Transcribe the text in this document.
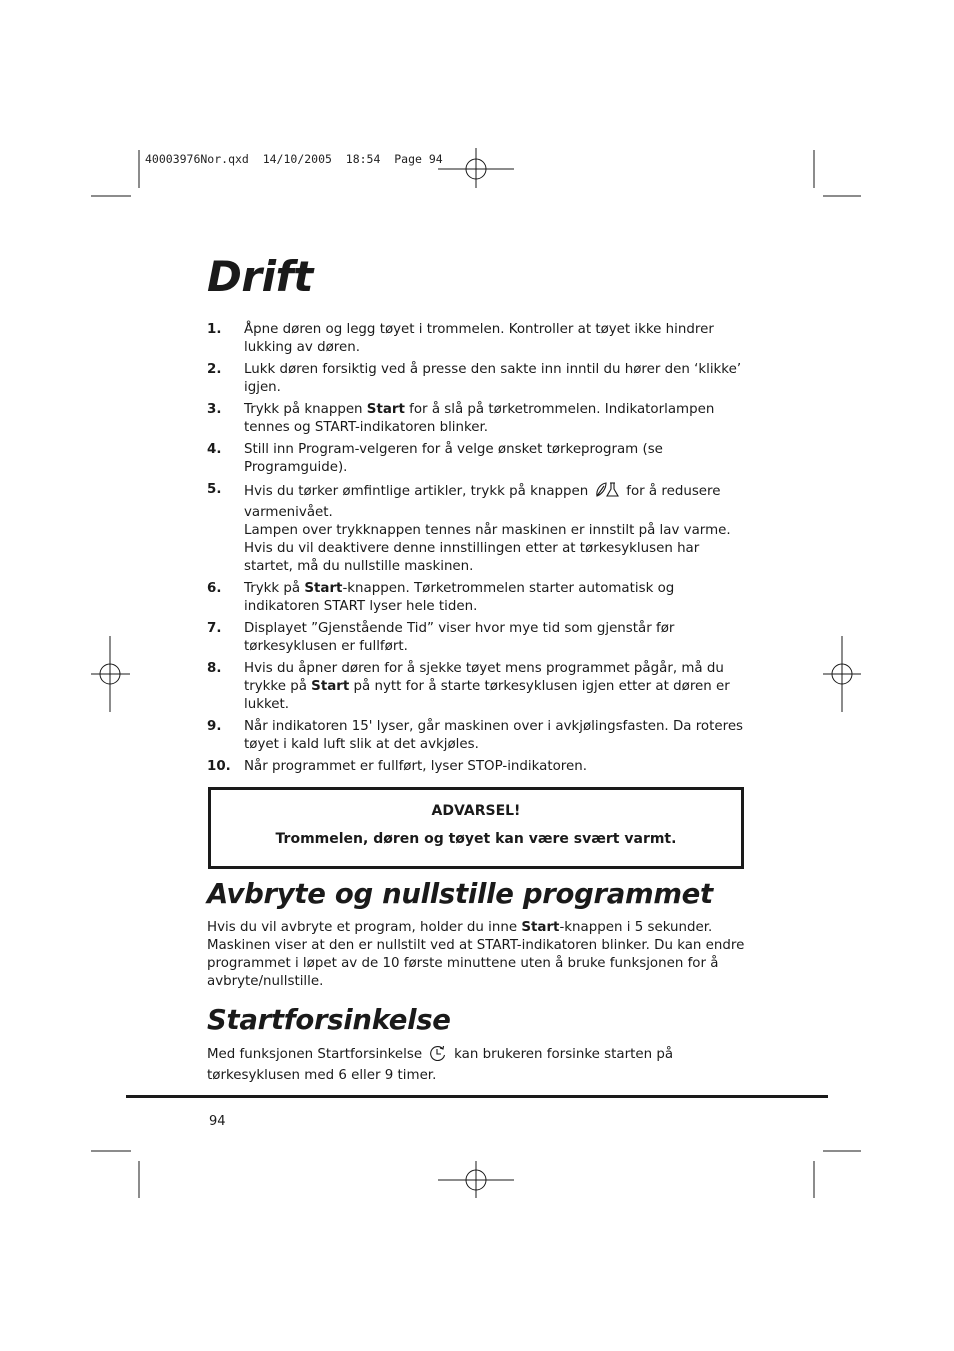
40003976Nor.qxd  14/10/2005  18:54  Page 94
Drift
1.	Åpne døren og legg tøyet i trommelen. Kontroller at tøyet ikke hindrer lukking av døren.
2.	Lukk døren forsiktig ved å presse den sakte inn inntil du hører den ‘klikke’ igjen.
3.	Trykk på knappen Start for å slå på tørketrommelen. Indikatorlampen tennes og START-indikatoren blinker.
4.	Still inn Program-velgeren for å velge ønsket tørkeprogram (se Programguide).
5.	Hvis du tørker ømfintlige artikler, trykk på knappen	for å redusere varmenivået.
Lampen over trykknappen tennes når maskinen er innstilt på lav varme.
Hvis du vil deaktivere denne innstillingen etter at tørkesyklusen har startet, må du nullstille maskinen.
6.	Trykk på Start-knappen. Tørketrommelen starter automatisk og indikatoren START lyser hele tiden.
7.	Displayet ”Gjenstående Tid” viser hvor mye tid som gjenstår før tørkesyklusen er fullført.
8.	Hvis du åpner døren for å sjekke tøyet mens programmet pågår, må du trykke på Start på nytt for å starte tørkesyklusen igjen etter at døren er lukket.
9.	Når indikatoren 15' lyser, går maskinen over i avkjølingsfasten. Da roteres tøyet i kald luft slik at det avkjøles.
10. Når programmet er fullført, lyser STOP-indikatoren.
ADVARSEL!
Trommelen, døren og tøyet kan være svært varmt.
Avbryte og nullstille programmet

Hvis du vil avbryte et program, holder du inne Start-knappen i 5 sekunder. Maskinen viser at den er nullstilt ved at START-indikatoren blinker. Du kan endre programmet i løpet av de 10 første minuttene uten å bruke funksjonen for å avbryte/nullstille.

Startforsinkelse

Med funksjonen Startforsinkelse kan brukeren forsinke starten på tørkesyklusen med 6 eller 9 timer.

94
